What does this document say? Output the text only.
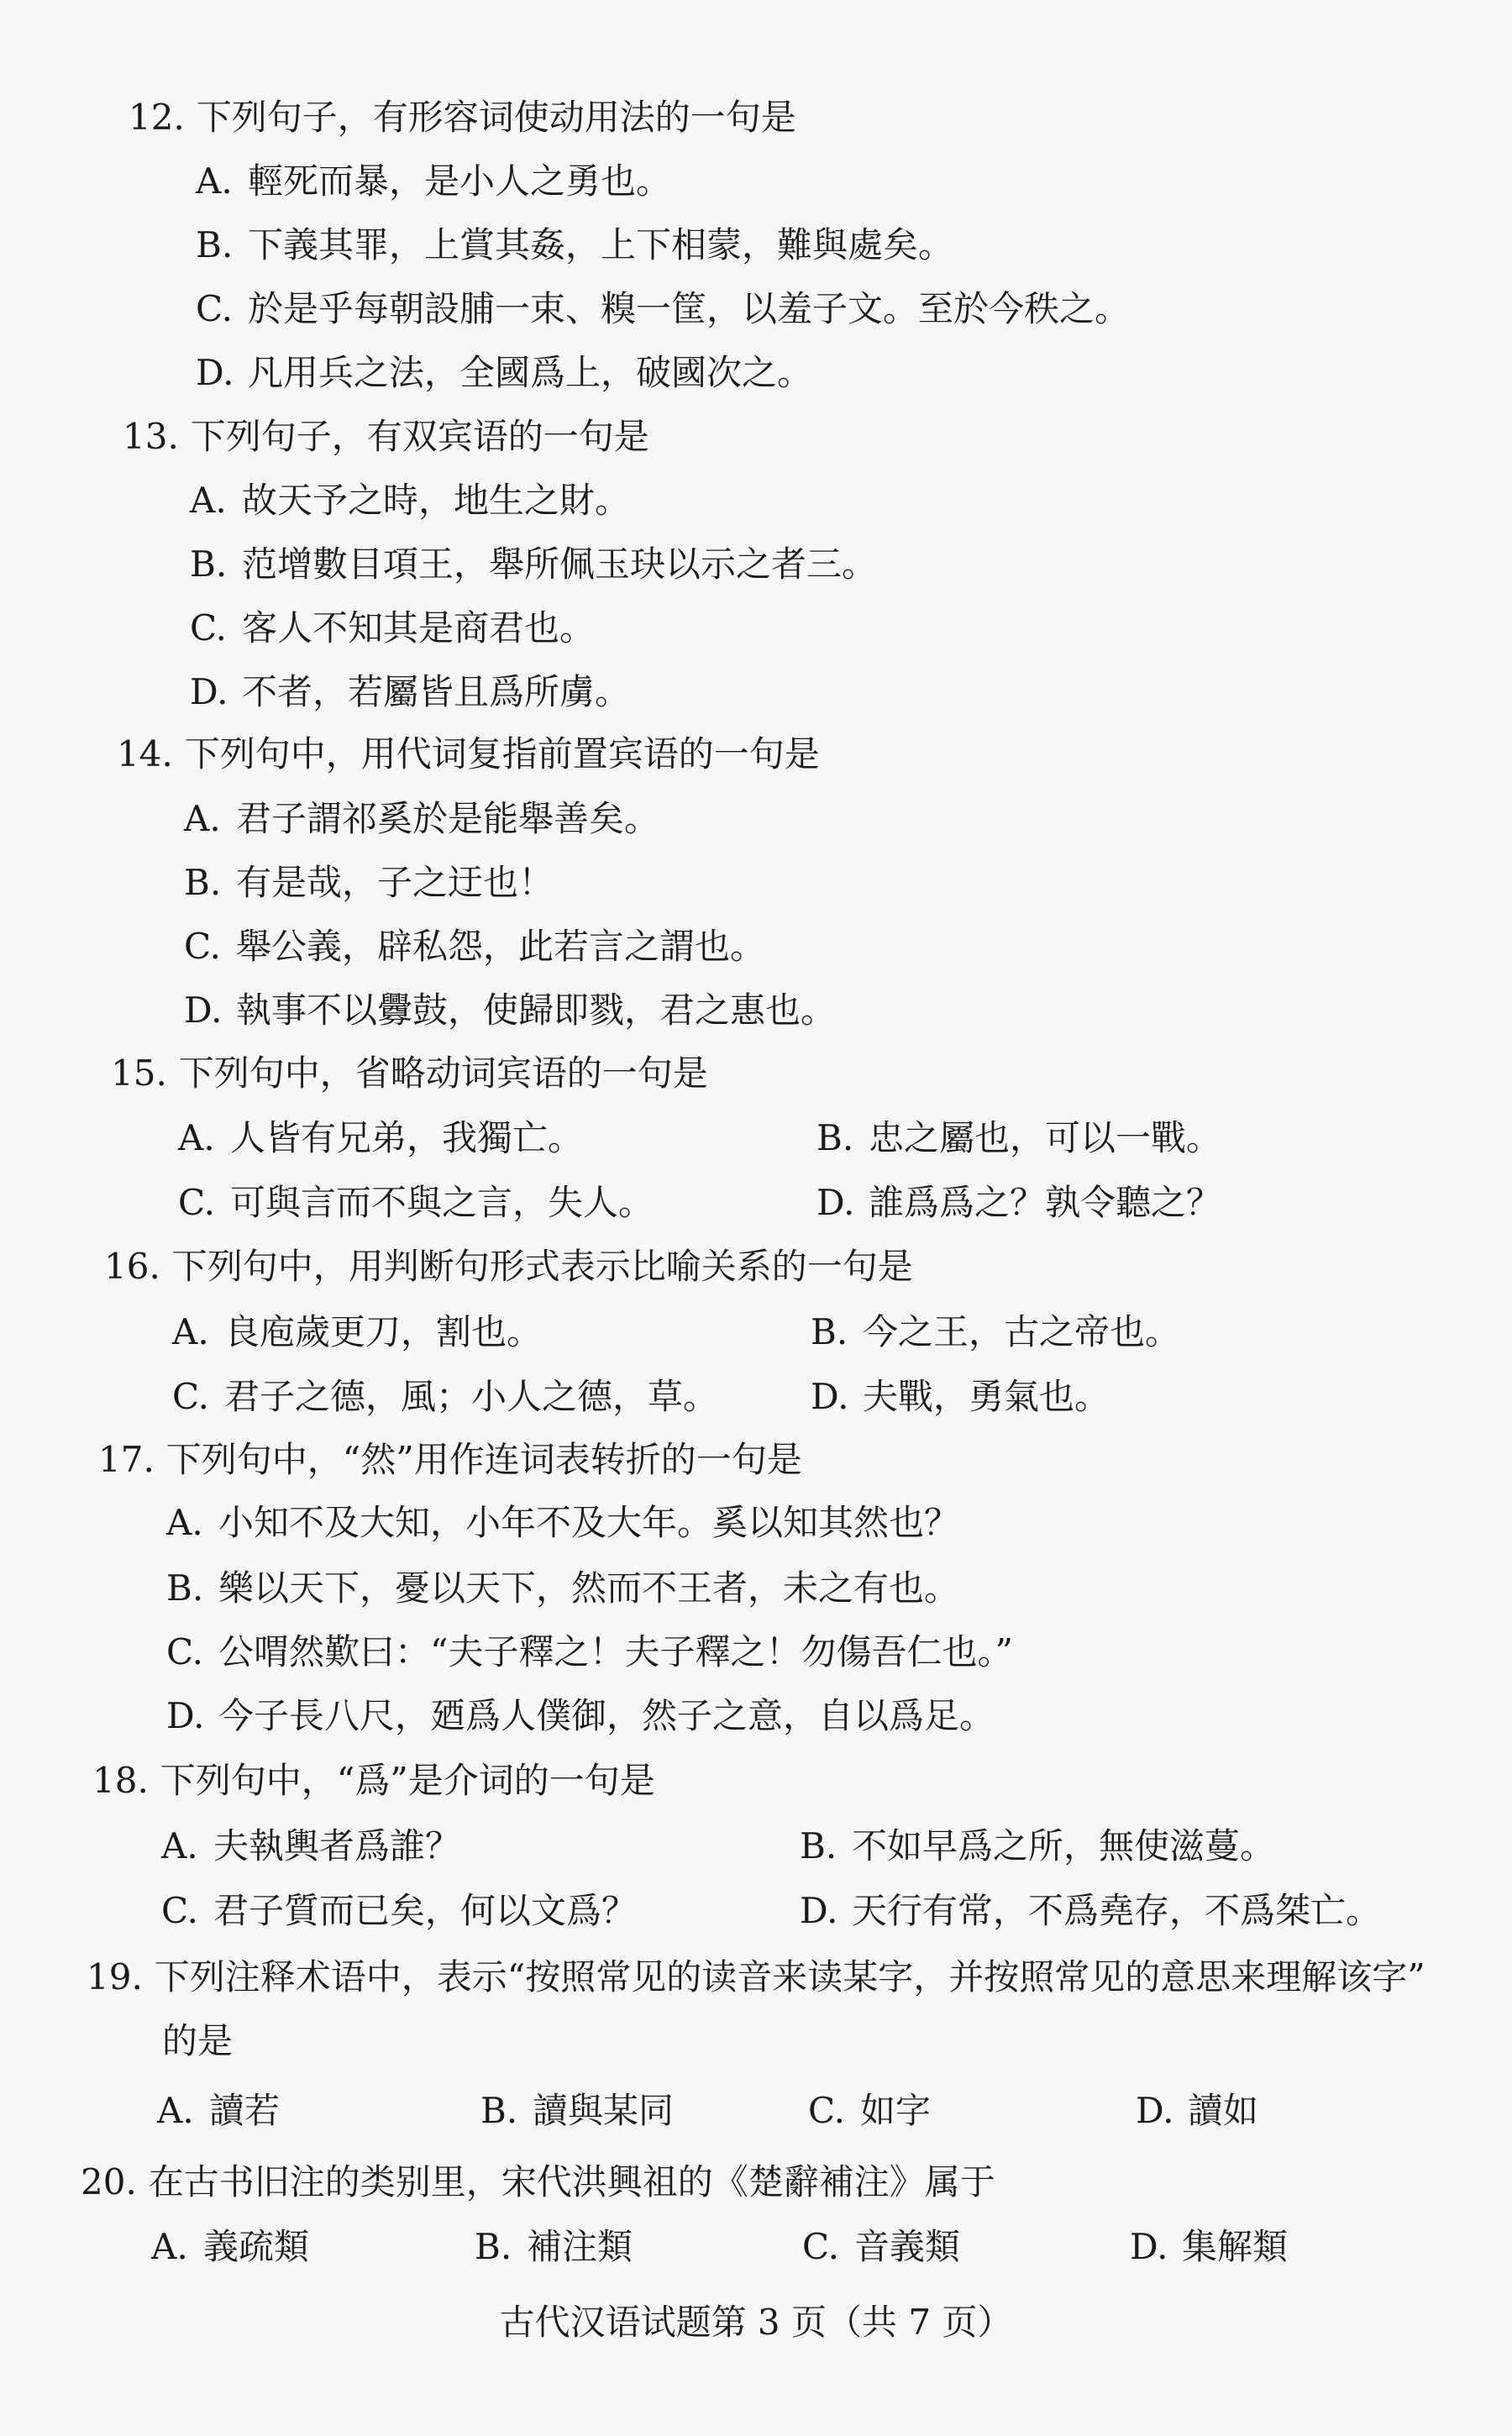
12. 下列句子，有形容词使动用法的一句是
A. 輕死而暴，是小人之勇也。
B. 下義其罪，上賞其姦，上下相蒙，難與處矣。
C. 於是乎每朝設脯一束、糗一筐，以羞子文。至於今秩之。
D. 凡用兵之法，全國爲上，破國次之。
13. 下列句子，有双宾语的一句是
A. 故天予之時，地生之財。
B. 范增數目項王，舉所佩玉玦以示之者三。
C. 客人不知其是商君也。
D. 不者，若屬皆且爲所虜。
14. 下列句中，用代词复指前置宾语的一句是
A. 君子謂祁奚於是能舉善矣。
B. 有是哉，子之迂也！
C. 舉公義，辟私怨，此若言之謂也。
D. 執事不以釁鼓，使歸即戮，君之惠也。
15. 下列句中，省略动词宾语的一句是
A. 人皆有兄弟，我獨亡。	B. 忠之屬也，可以一戰。
C. 可與言而不與之言，失人。	D. 誰爲爲之？孰令聽之？
16. 下列句中，用判断句形式表示比喻关系的一句是
A. 良庖歲更刀，割也。	B. 今之王，古之帝也。
C. 君子之德，風；小人之德，草。	D. 夫戰，勇氣也。
17. 下列句中，“然”用作连词表转折的一句是
A. 小知不及大知，小年不及大年。奚以知其然也？
B. 樂以天下，憂以天下，然而不王者，未之有也。
C. 公喟然歎曰：“夫子釋之！夫子釋之！勿傷吾仁也。”
D. 今子長八尺，廼爲人僕御，然子之意，自以爲足。
18. 下列句中，“爲”是介词的一句是
A. 夫執輿者爲誰？	B. 不如早爲之所，無使滋蔓。
C. 君子質而已矣，何以文爲？	D. 天行有常，不爲堯存，不爲桀亡。
19. 下列注释术语中，表示“按照常见的读音来读某字，并按照常见的意思来理解该字”
的是
A. 讀若	B. 讀與某同	C. 如字	D. 讀如
20. 在古书旧注的类别里，宋代洪興祖的《楚辭補注》属于
A. 義疏類	B. 補注類	C. 音義類	D. 集解類
古代汉语试题第 3 页（共 7 页）
